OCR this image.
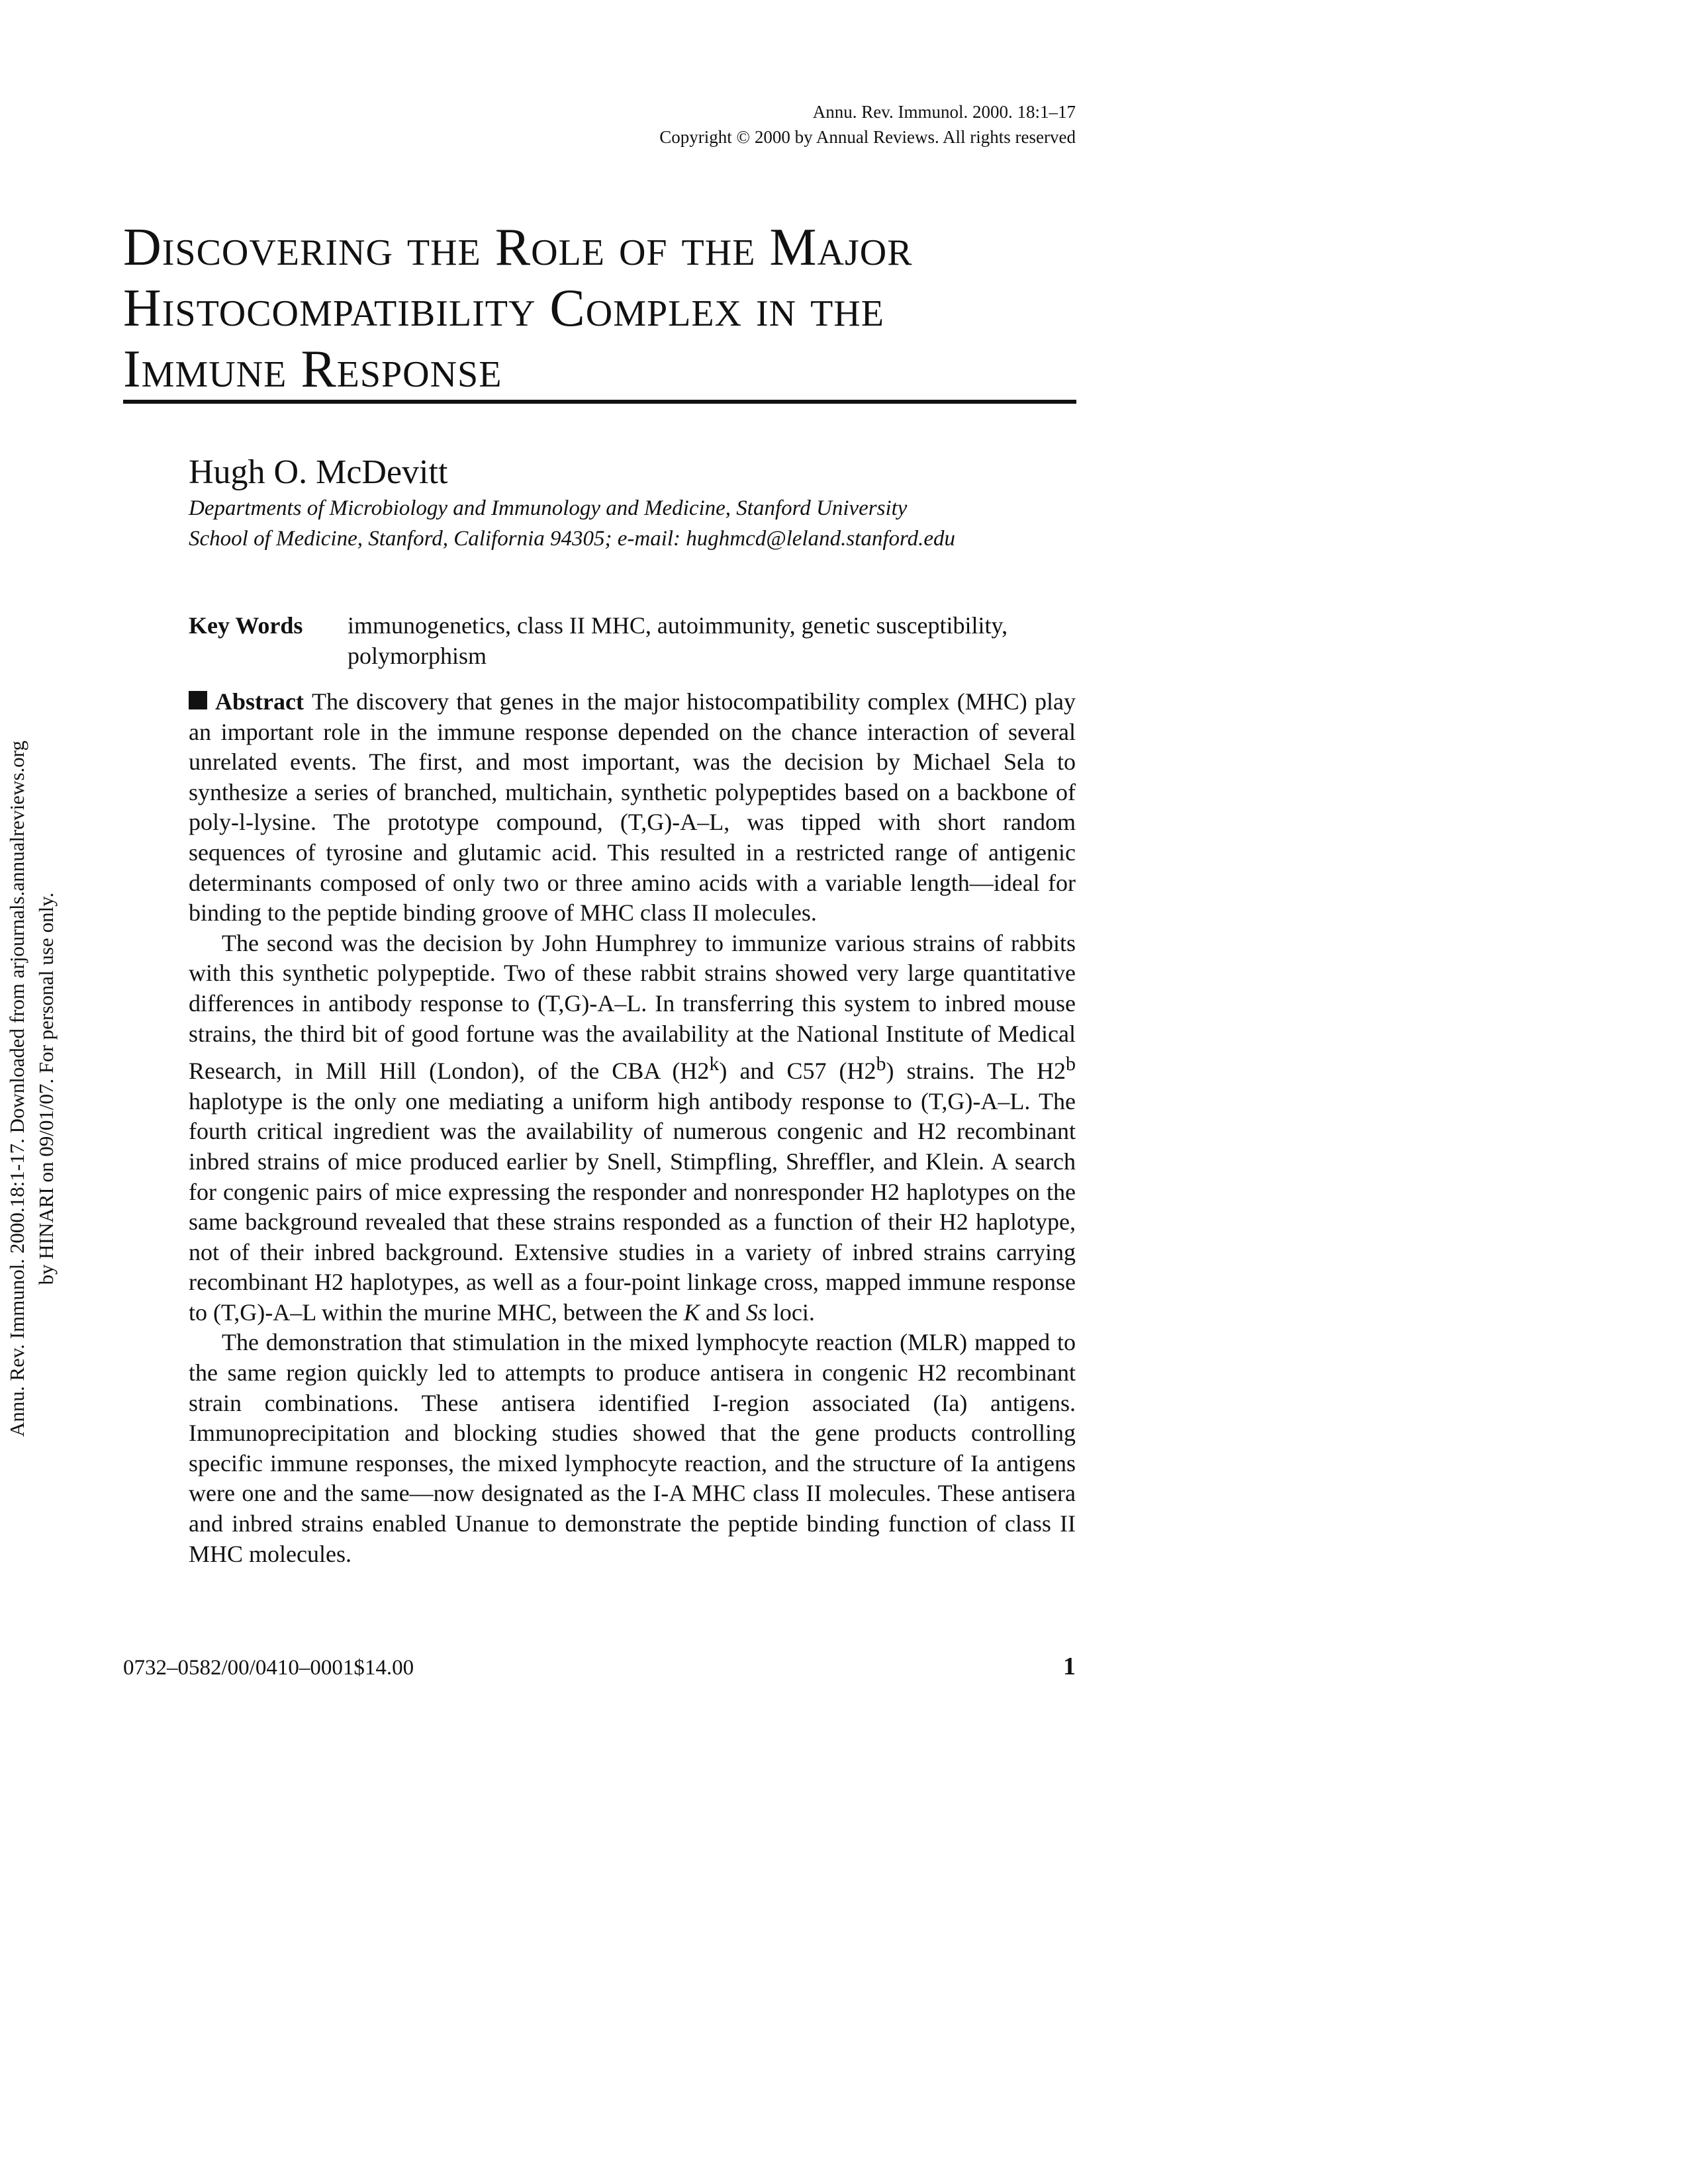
Annu. Rev. Immunol. 2000.18:1-17. Downloaded from arjournals.annualreviews.org by HINARI on 09/01/07. For personal use only.
Annu. Rev. Immunol. 2000. 18:1–17
Copyright © 2000 by Annual Reviews. All rights reserved
Discovering the Role of the Major
Histocompatibility Complex in the
Immune Response
Hugh O. McDevitt
Departments of Microbiology and Immunology and Medicine, Stanford University
School of Medicine, Stanford, California 94305; e-mail: hughmcd@leland.stanford.edu
Key Words immunogenetics, class II MHC, autoimmunity, genetic susceptibility, polymorphism

Abstract The discovery that genes in the major histocompatibility complex (MHC) play an important role in the immune response depended on the chance interaction of several unrelated events. The first, and most important, was the decision by Michael Sela to synthesize a series of branched, multichain, synthetic polypeptides based on a backbone of poly-l-lysine. The prototype compound, (T,G)-A–L, was tipped with short random sequences of tyrosine and glutamic acid. This resulted in a restricted range of antigenic determinants composed of only two or three amino acids with a variable length—ideal for binding to the peptide binding groove of MHC class II molecules.

The second was the decision by John Humphrey to immunize various strains of rabbits with this synthetic polypeptide. Two of these rabbit strains showed very large quantitative differences in antibody response to (T,G)-A–L. In transferring this system to inbred mouse strains, the third bit of good fortune was the availability at the National Institute of Medical Research, in Mill Hill (London), of the CBA (H2$^k$) and C57 (H2$^b$) strains. The H2$^b$ haplotype is the only one mediating a uniform high antibody response to (T,G)-A–L. The fourth critical ingredient was the availability of numerous congenic and H2 recombinant inbred strains of mice produced earlier by Snell, Stimpfling, Shreffler, and Klein. A search for congenic pairs of mice expressing the responder and nonresponder H2 haplotypes on the same background revealed that these strains responded as a function of their H2 haplotype, not of their inbred background. Extensive studies in a variety of inbred strains carrying recombinant H2 haplotypes, as well as a four-point linkage cross, mapped immune response to (T,G)-A–L within the murine MHC, between the K and Ss loci.

The demonstration that stimulation in the mixed lymphocyte reaction (MLR) mapped to the same region quickly led to attempts to produce antisera in congenic H2 recombinant strain combinations. These antisera identified I-region associated (Ia) antigens. Immunoprecipitation and blocking studies showed that the gene products controlling specific immune responses, the mixed lymphocyte reaction, and the structure of Ia antigens were one and the same—now designated as the I-A MHC class II molecules. These antisera and inbred strains enabled Unanue to demonstrate the peptide binding function of class II MHC molecules.

0732–0582/00/0410–0001$14.00	1
